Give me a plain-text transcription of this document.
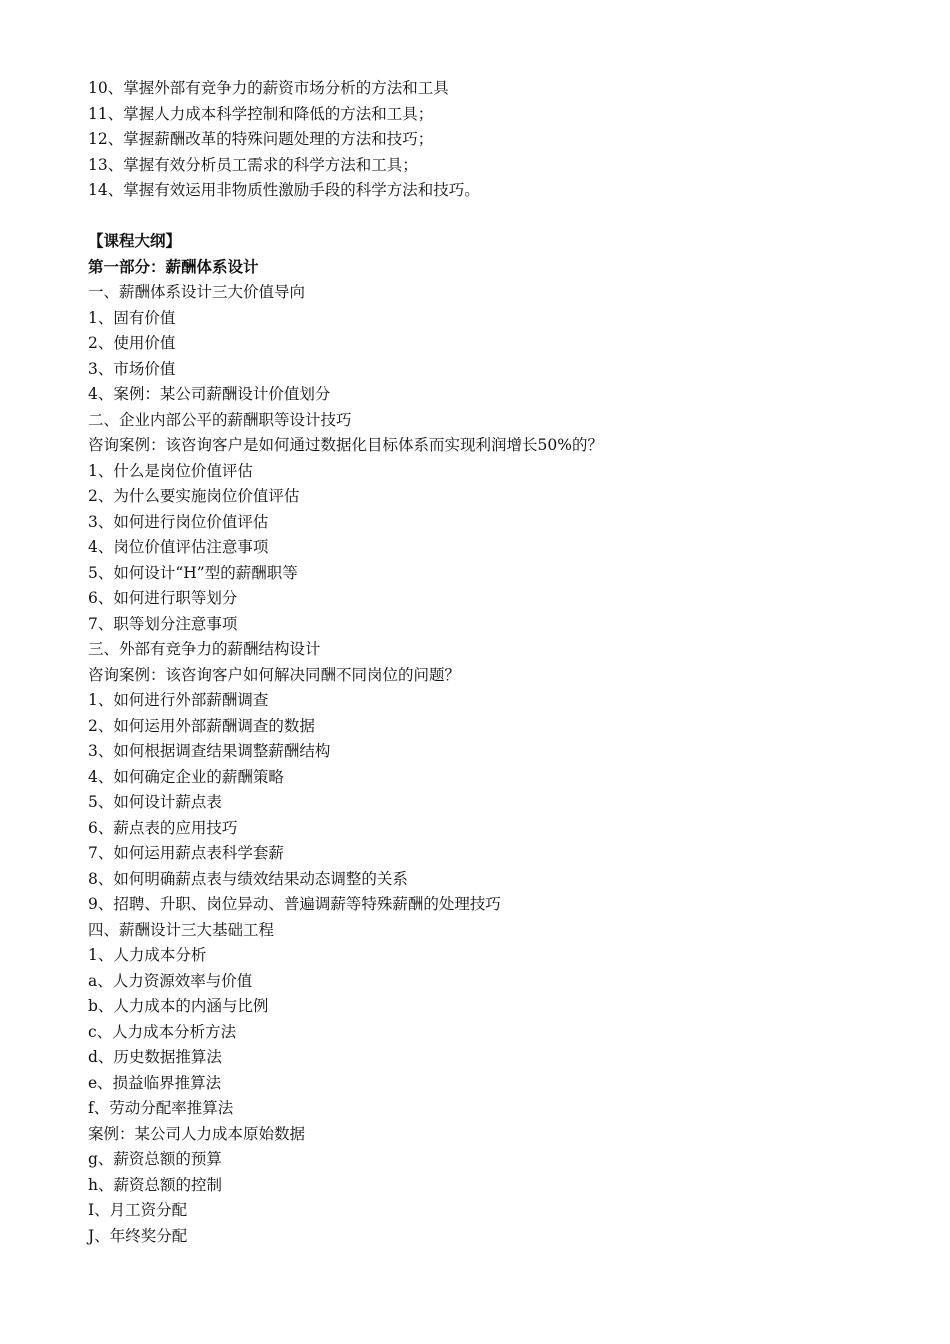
10、掌握外部有竞争力的薪资市场分析的方法和工具
11、掌握人力成本科学控制和降低的方法和工具；
12、掌握薪酬改革的特殊问题处理的方法和技巧；
13、掌握有效分析员工需求的科学方法和工具；
14、掌握有效运用非物质性激励手段的科学方法和技巧。
【课程大纲】
第一部分：薪酬体系设计
一、薪酬体系设计三大价值导向
1、固有价值
2、使用价值
3、市场价值
4、案例：某公司薪酬设计价值划分
二、企业内部公平的薪酬职等设计技巧
咨询案例：该咨询客户是如何通过数据化目标体系而实现利润增长50%的？
1、什么是岗位价值评估
2、为什么要实施岗位价值评估
3、如何进行岗位价值评估
4、岗位价值评估注意事项
5、如何设计“H”型的薪酬职等
6、如何进行职等划分
7、职等划分注意事项
三、外部有竞争力的薪酬结构设计
咨询案例：该咨询客户如何解决同酬不同岗位的问题？
1、如何进行外部薪酬调查
2、如何运用外部薪酬调查的数据
3、如何根据调查结果调整薪酬结构
4、如何确定企业的薪酬策略
5、如何设计薪点表
6、薪点表的应用技巧
7、如何运用薪点表科学套薪
8、如何明确薪点表与绩效结果动态调整的关系
9、招聘、升职、岗位异动、普遍调薪等特殊薪酬的处理技巧
四、薪酬设计三大基础工程
1、人力成本分析
a、人力资源效率与价值
b、人力成本的内涵与比例
c、人力成本分析方法
d、历史数据推算法
e、损益临界推算法
f、劳动分配率推算法
案例：某公司人力成本原始数据
g、薪资总额的预算
h、薪资总额的控制
I、月工资分配
J、年终奖分配
